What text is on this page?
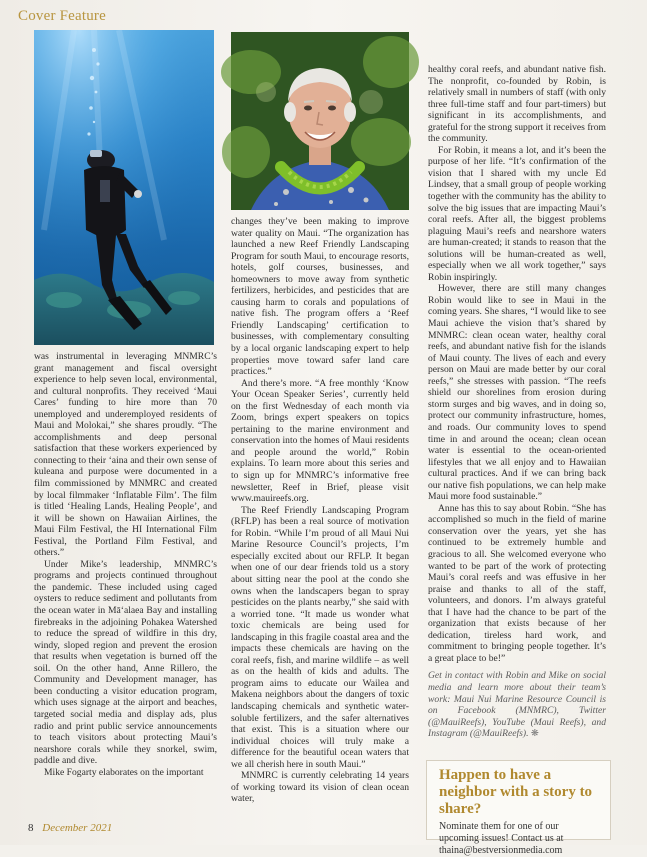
Cover Feature

was instrumental in leveraging MNMRC’s grant management and fiscal oversight experience to help seven local, environmental, and cultural nonprofits. They received ‘Maui Cares’ funding to hire more than 70 unemployed and underemployed residents of Maui and Molokai,” she shares proudly. “The accomplishments and deep personal satisfaction that these workers experienced by connecting to their ‘aina and their own sense of kuleana and purpose were documented in a film commissioned by MNMRC and created by local filmmaker ‘Inflatable Film’. The film is titled ‘Healing Lands, Healing People’, and it will be shown on Hawaiian Airlines, the Maui Film Festival, the HI International Film Festival, the Portland Film Festival, and others.”

Under Mike’s leadership, MNMRC’s programs and projects continued throughout the pandemic. These included using caged oysters to reduce sediment and pollutants from the ocean water in Mā‘alaea Bay and installing firebreaks in the adjoining Pohakea Watershed to reduce the spread of wildfire in this dry, windy, sloped region and prevent the erosion that results when vegetation is burned off the soil. On the other hand, Anne Rillero, the Community and Development manager, has been conducting a visitor education program, which uses signage at the airport and beaches, targeted social media and display ads, plus radio and print public service announcements to teach visitors about protecting Maui’s nearshore corals while they snorkel, swim, paddle and dive.

Mike Fogarty elaborates on the important

changes they’ve been making to improve water quality on Maui. “The organization has launched a new Reef Friendly Landscaping Program for south Maui, to encourage resorts, hotels, golf courses, businesses, and homeowners to move away from synthetic fertilizers, herbicides, and pesticides that are causing harm to corals and populations of native fish. The program offers a ‘Reef Friendly Landscaping’ certification to businesses, with complementary consulting by a local organic landscaping expert to help properties move toward safer land care practices.”

And there’s more. “A free monthly ‘Know Your Ocean Speaker Series’, currently held on the first Wednesday of each month via Zoom, brings expert speakers on topics pertaining to the marine environment and conservation into the homes of Maui residents and people around the world,” Robin explains. To learn more about this series and to sign up for MNMRC’s informative free newsletter, Reef in Brief, please visit www.mauireefs.org.

The Reef Friendly Landscaping Program (RFLP) has been a real source of motivation for Robin. “While I’m proud of all Maui Nui Marine Resource Council’s projects, I’m especially excited about our RFLP. It began when one of our dear friends told us a story about sitting near the pool at the condo she owns when the landscapers began to spray pesticides on the plants nearby,” she said with a worried tone. “It made us wonder what toxic chemicals are being used for landscaping in this fragile coastal area and the impacts these chemicals are having on the coral reefs, fish, and marine wildlife – as well as on the health of kids and adults. The program aims to educate our Wailea and Makena neighbors about the dangers of toxic landscaping chemicals and synthetic water-soluble fertilizers, and the safer alternatives that exist. This is a situation where our individual choices will truly make a difference for the beautiful ocean waters that we all cherish here in south Maui.”

MNMRC is currently celebrating 14 years of working toward its vision of clean ocean water,

healthy coral reefs, and abundant native fish. The nonprofit, co-founded by Robin, is relatively small in numbers of staff (with only three full-time staff and four part-timers) but significant in its accomplishments, and grateful for the strong support it receives from the community.

For Robin, it means a lot, and it’s been the purpose of her life. “It’s confirmation of the vision that I shared with my uncle Ed Lindsey, that a small group of people working together with the community has the ability to solve the big issues that are impacting Maui’s coral reefs. After all, the biggest problems plaguing Maui’s reefs and nearshore waters are human-created; it stands to reason that the solutions will be human-created as well, especially when we all work together,” says Robin inspiringly.

However, there are still many changes Robin would like to see in Maui in the coming years. She shares, “I would like to see Maui achieve the vision that’s shared by MNMRC: clean ocean water, healthy coral reefs, and abundant native fish for the islands of Maui county. The lives of each and every person on Maui are made better by our coral reefs,” she stresses with passion. “The reefs shield our shorelines from erosion during storm surges and big waves, and in doing so, protect our community infrastructure, homes, and roads. Our community loves to spend time in and around the ocean; clean ocean water is essential to the ocean-oriented lifestyles that we all enjoy and to Hawaiian cultural practices. And if we can bring back our native fish populations, we can help make Maui more food sustainable.”

Anne has this to say about Robin. “She has accomplished so much in the field of marine conservation over the years, yet she has continued to be extremely humble and gracious to all. She welcomed everyone who wanted to be part of the work of protecting Maui’s coral reefs and was effusive in her praise and thanks to all of the staff, volunteers, and donors. I’m always grateful that I have had the chance to be part of the organization that exists because of her dedication, tireless hard work, and commitment to bringing people together. It’s a great place to be!”

Get in contact with Robin and Mike on social media and learn more about their team’s work: Maui Nui Marine Resource Council is on Facebook (MNMRC), Twitter (@MauiReefs), YouTube (Maui Reefs), and Instagram (@MauiReefs). ❋

Happen to have a neighbor with a story to share?

Nominate them for one of our upcoming issues! Contact us at
thaina@bestversionmedia.com

8 December 2021
